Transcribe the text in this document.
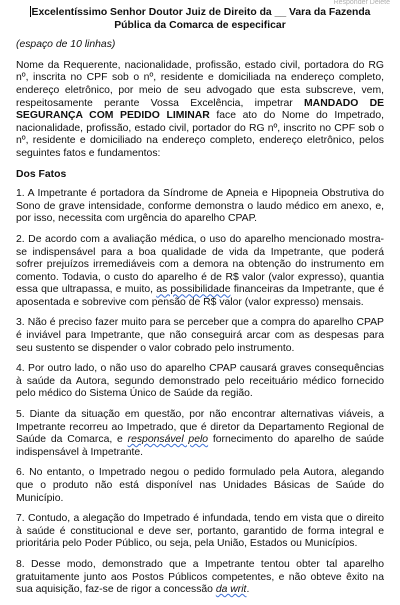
Responder Delete
Excelentíssimo Senhor Doutor Juiz de Direito da __ Vara da Fazenda Pública da Comarca de especificar
(espaço de 10 linhas)

Nome da Requerente, nacionalidade, profissão, estado civil, portadora do RG nº, inscrita no CPF sob o nº, residente e domiciliada na endereço completo, endereço eletrônico, por meio de seu advogado que esta subscreve, vem, respeitosamente perante Vossa Excelência, impetrar MANDADO DE SEGURANÇA COM PEDIDO LIMINAR face ato do Nome do Impetrado, nacionalidade, profissão, estado civil, portador do RG nº, inscrito no CPF sob o nº, residente e domiciliado na endereço completo, endereço eletrônico, pelos seguintes fatos e fundamentos:

Dos Fatos

1. A Impetrante é portadora da Síndrome de Apneia e Hipopneia Obstrutiva do Sono de grave intensidade, conforme demonstra o laudo médico em anexo, e, por isso, necessita com urgência do aparelho CPAP.

2. De acordo com a avaliação médica, o uso do aparelho mencionado mostra-se indispensável para a boa qualidade de vida da Impetrante, que poderá sofrer prejuízos irremediáveis com a demora na obtenção do instrumento em comento. Todavia, o custo do aparelho é de R$ valor (valor expresso), quantia essa que ultrapassa, e muito, as possibilidade financeiras da Impetrante, que é aposentada e sobrevive com pensão de R$ valor (valor expresso) mensais.

3. Não é preciso fazer muito para se perceber que a compra do aparelho CPAP é inviável para Impetrante, que não conseguirá arcar com as despesas para seu sustento se dispender o valor cobrado pelo instrumento.

4. Por outro lado, o não uso do aparelho CPAP causará graves consequências à saúde da Autora, segundo demonstrado pelo receituário médico fornecido pelo médico do Sistema Único de Saúde da região.

5. Diante da situação em questão, por não encontrar alternativas viáveis, a Impetrante recorreu ao Impetrado, que é diretor da Departamento Regional de Saúde da Comarca, e responsável pelo fornecimento do aparelho de saúde indispensável à Impetrante.

6. No entanto, o Impetrado negou o pedido formulado pela Autora, alegando que o produto não está disponível nas Unidades Básicas de Saúde do Município.

7. Contudo, a alegação do Impetrado é infundada, tendo em vista que o direito à saúde é constitucional e deve ser, portanto, garantido de forma integral e prioritária pelo Poder Público, ou seja, pela União, Estados ou Municípios.

8. Desse modo, demonstrado que a Impetrante tentou obter tal aparelho gratuitamente junto aos Postos Públicos competentes, e não obteve êxito na sua aquisição, faz-se de rigor a concessão da writ.
